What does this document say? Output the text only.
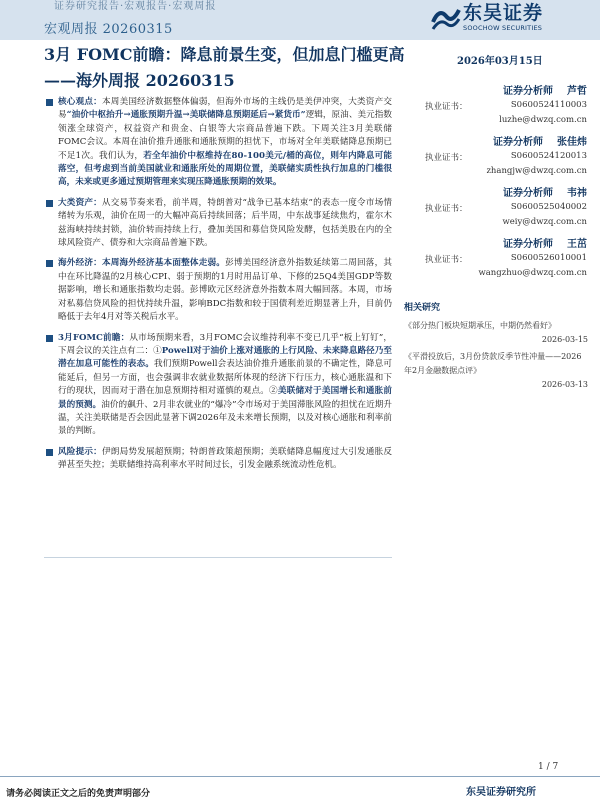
证券研究报告·宏观报告·宏观周报
宏观周报 20260315
东吴证券
SOOCHOW SECURITIES
3月 FOMC前瞻：降息前景生变，但加息门槛更高——海外周报 20260315
2026年03月15日
证券分析师 芦哲
执业证书：	S0600524110003
luzhe@dwzq.com.cn
证券分析师 张佳炜
执业证书：	S0600524120013
zhangjw@dwzq.com.cn
证券分析师 韦祎
执业证书：	S0600525040002
weiy@dwzq.com.cn
证券分析师 王茁
执业证书：	S0600526010001
wangzhuo@dwzq.com.cn
相关研究
《部分热门板块短期承压，中期仍然看好》
2026-03-15
《平滑投放后，3月份贷款反季节性冲量——2026年2月金融数据点评》
2026-03-13
核心观点：本周美国经济数据整体偏弱，但海外市场的主线仍是美伊冲突，大类资产交易“油价中枢抬升→通胀预期升温→美联储降息预期延后→紧货币”逻辑，原油、美元指数领涨全球资产，权益资产和贵金、白银等大宗商品普遍下跌。下周关注3月美联储FOMC会议。本周在油价推升通胀和通胀预期的担忧下，市场对全年美联储降息预期已不足1次。我们认为，若全年油价中枢维持在80-100美元/桶的高位，则年内降息可能落空，但考虑到当前美国就业和通胀所处的周期位置，美联储实质性执行加息的门槛很高，未来或更多通过预期管理来实现压降通胀预期的效果。
大类资产：从交易节奏来看，前半周，特朗普对“战争已基本结束”的表态一度令市场情绪转为乐观，油价在周一的大幅冲高后持续回落；后半周，中东战事延续焦灼，霍尔木兹海峡持续封锁，油价转而持续上行，叠加美国和募信贷风险发酵，包括美股在内的全球风险资产、债券和大宗商品普遍下跌。
海外经济：本周海外经济基本面整体走弱。彭博美国经济意外指数延续第二周回落，其中在环比降温的2月核心CPI、弱于预期的1月时用品订单、下修的25Q4美国GDP等数据影响，增长和通胀指数均走弱。彭博欧元区经济意外指数本周大幅回落。本周，市场对私募信贷风险的担忧持续升温，影响BDC指数和较于国债利差近期显著上升，目前仍略低于去年4月对等关税后水平。
3月FOMC前瞻：从市场预期来看，3月FOMC会议维持利率不变已几乎“板上钉钉”，下周会议的关注点有二：①Powell对于油价上涨对通胀的上行风险、未来降息路径乃至潜在加息可能性的表态。我们预期Powell会表达油价推升通胀前景的不确定性，降息可能延后，但另一方面，也会强调非农就业数据所体现的经济下行压力，核心通胀温和下行的现状，因而对于潜在加息预期持相对谨慎的观点。②美联储对于美国增长和通胀前景的预测。油价的飙升、2月非农就业的“爆冷”令市场对于美国滞胀风险的担忧在近期升温，关注美联储是否会因此显著下调2026年及未来增长预期，以及对核心通胀和利率前景的判断。
风险提示：伊朗局势发展超预期；特朗普政策超预期；美联储降息幅度过大引发通胀反弹甚至失控；美联储维持高利率水平时间过长，引发金融系统流动性危机。
1 / 7
请务必阅读正文之后的免责声明部分	东吴证券研究所
